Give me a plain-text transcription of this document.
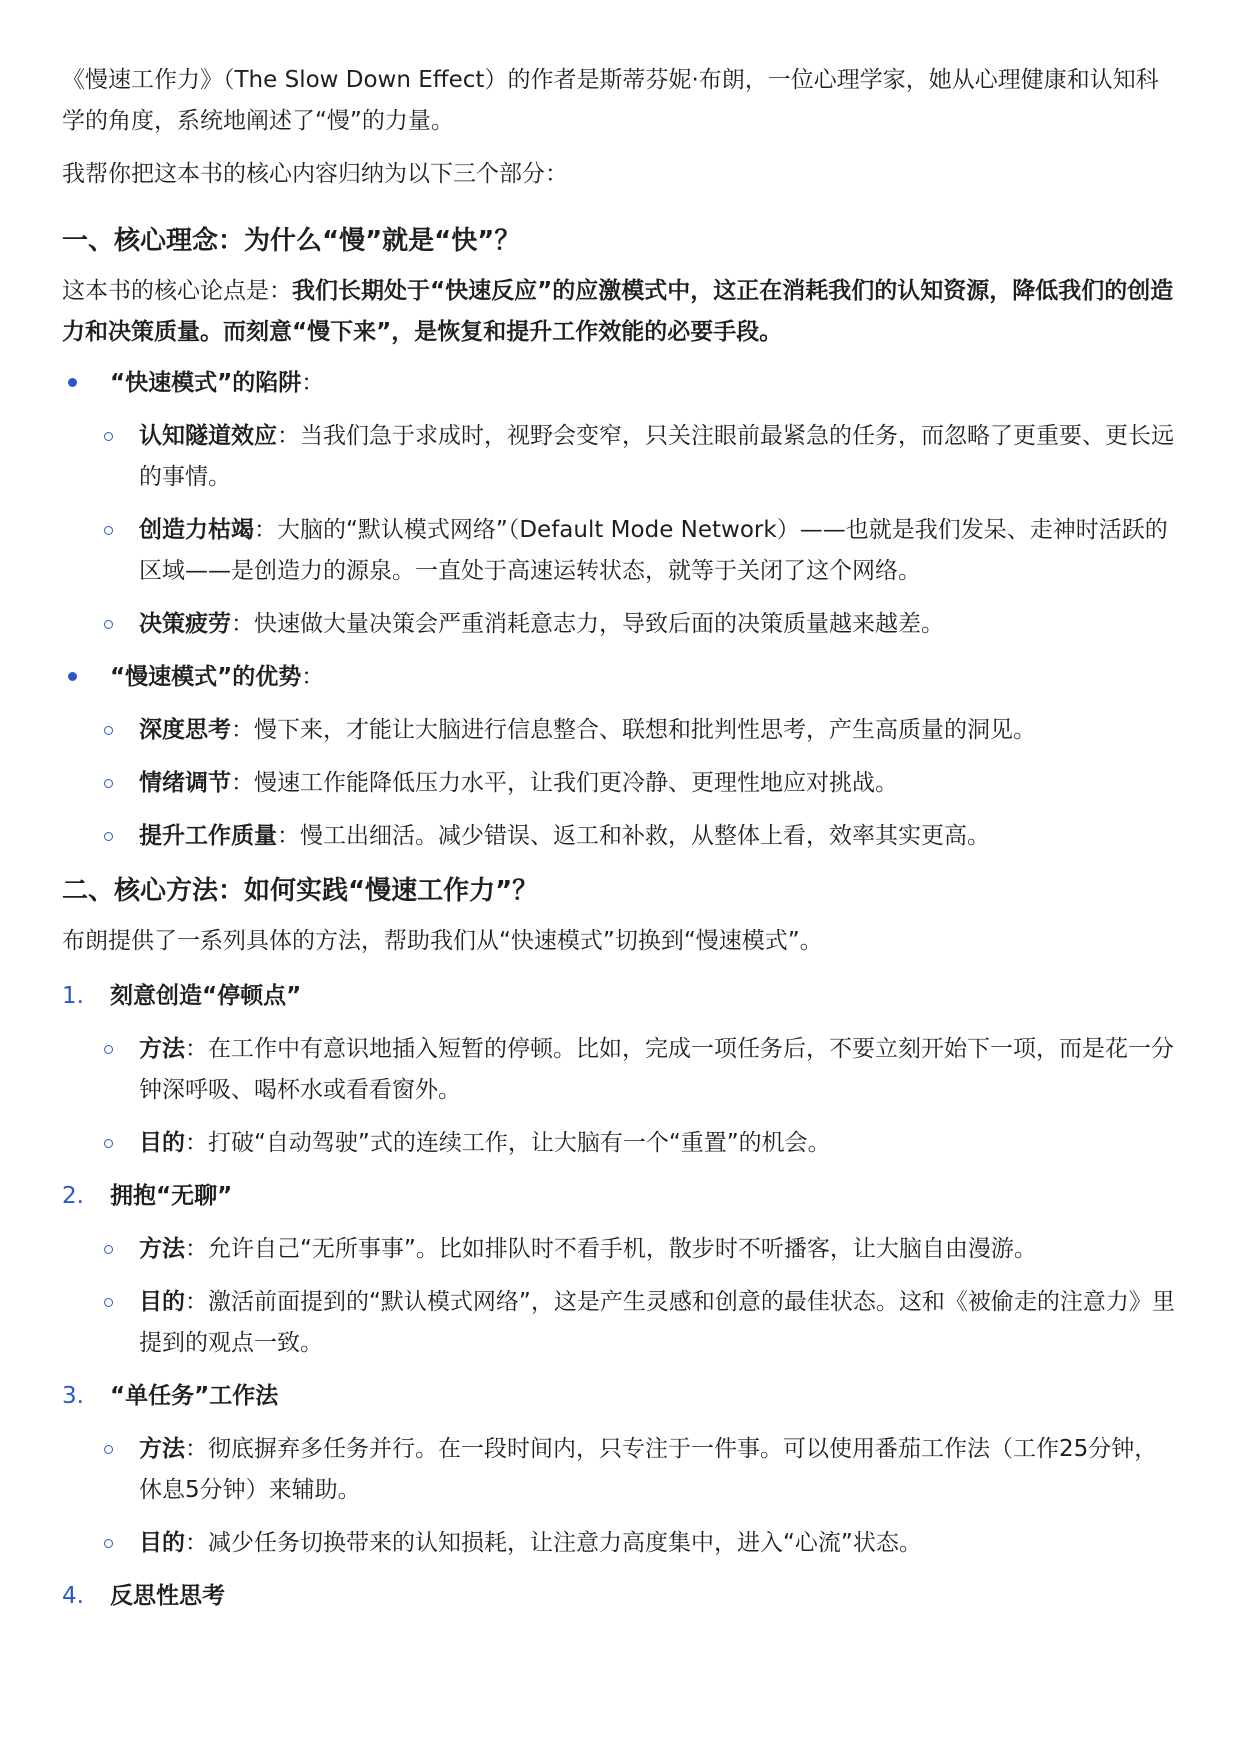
《慢速工作力》（The Slow Down Effect）的作者是斯蒂芬妮·布朗，一位心理学家，她从心理健康和认知科学的角度，系统地阐述了“慢”的力量。

我帮你把这本书的核心内容归纳为以下三个部分：

一、核心理念：为什么“慢”就是“快”？

这本书的核心论点是：我们长期处于“快速反应”的应激模式中，这正在消耗我们的认知资源，降低我们的创造力和决策质量。而刻意“慢下来”，是恢复和提升工作效能的必要手段。

“快速模式”的陷阱：
认知隧道效应：当我们急于求成时，视野会变窄，只关注眼前最紧急的任务，而忽略了更重要、更长远的事情。
创造力枯竭：大脑的“默认模式网络”（Default Mode Network）——也就是我们发呆、走神时活跃的区域——是创造力的源泉。一直处于高速运转状态，就等于关闭了这个网络。
决策疲劳：快速做大量决策会严重消耗意志力，导致后面的决策质量越来越差。
“慢速模式”的优势：
深度思考：慢下来，才能让大脑进行信息整合、联想和批判性思考，产生高质量的洞见。
情绪调节：慢速工作能降低压力水平，让我们更冷静、更理性地应对挑战。
提升工作质量：慢工出细活。减少错误、返工和补救，从整体上看，效率其实更高。
二、核心方法：如何实践“慢速工作力”？

布朗提供了一系列具体的方法，帮助我们从“快速模式”切换到“慢速模式”。

1. 刻意创造“停顿点”
方法：在工作中有意识地插入短暂的停顿。比如，完成一项任务后，不要立刻开始下一项，而是花一分钟深呼吸、喝杯水或看看窗外。
目的：打破“自动驾驶”式的连续工作，让大脑有一个“重置”的机会。
2. 拥抱“无聊”
方法：允许自己“无所事事”。比如排队时不看手机，散步时不听播客，让大脑自由漫游。
目的：激活前面提到的“默认模式网络”，这是产生灵感和创意的最佳状态。这和《被偷走的注意力》里提到的观点一致。
3. “单任务”工作法
方法：彻底摒弃多任务并行。在一段时间内，只专注于一件事。可以使用番茄工作法（工作25分钟，休息5分钟）来辅助。
目的：减少任务切换带来的认知损耗，让注意力高度集中，进入“心流”状态。
4. 反思性思考
